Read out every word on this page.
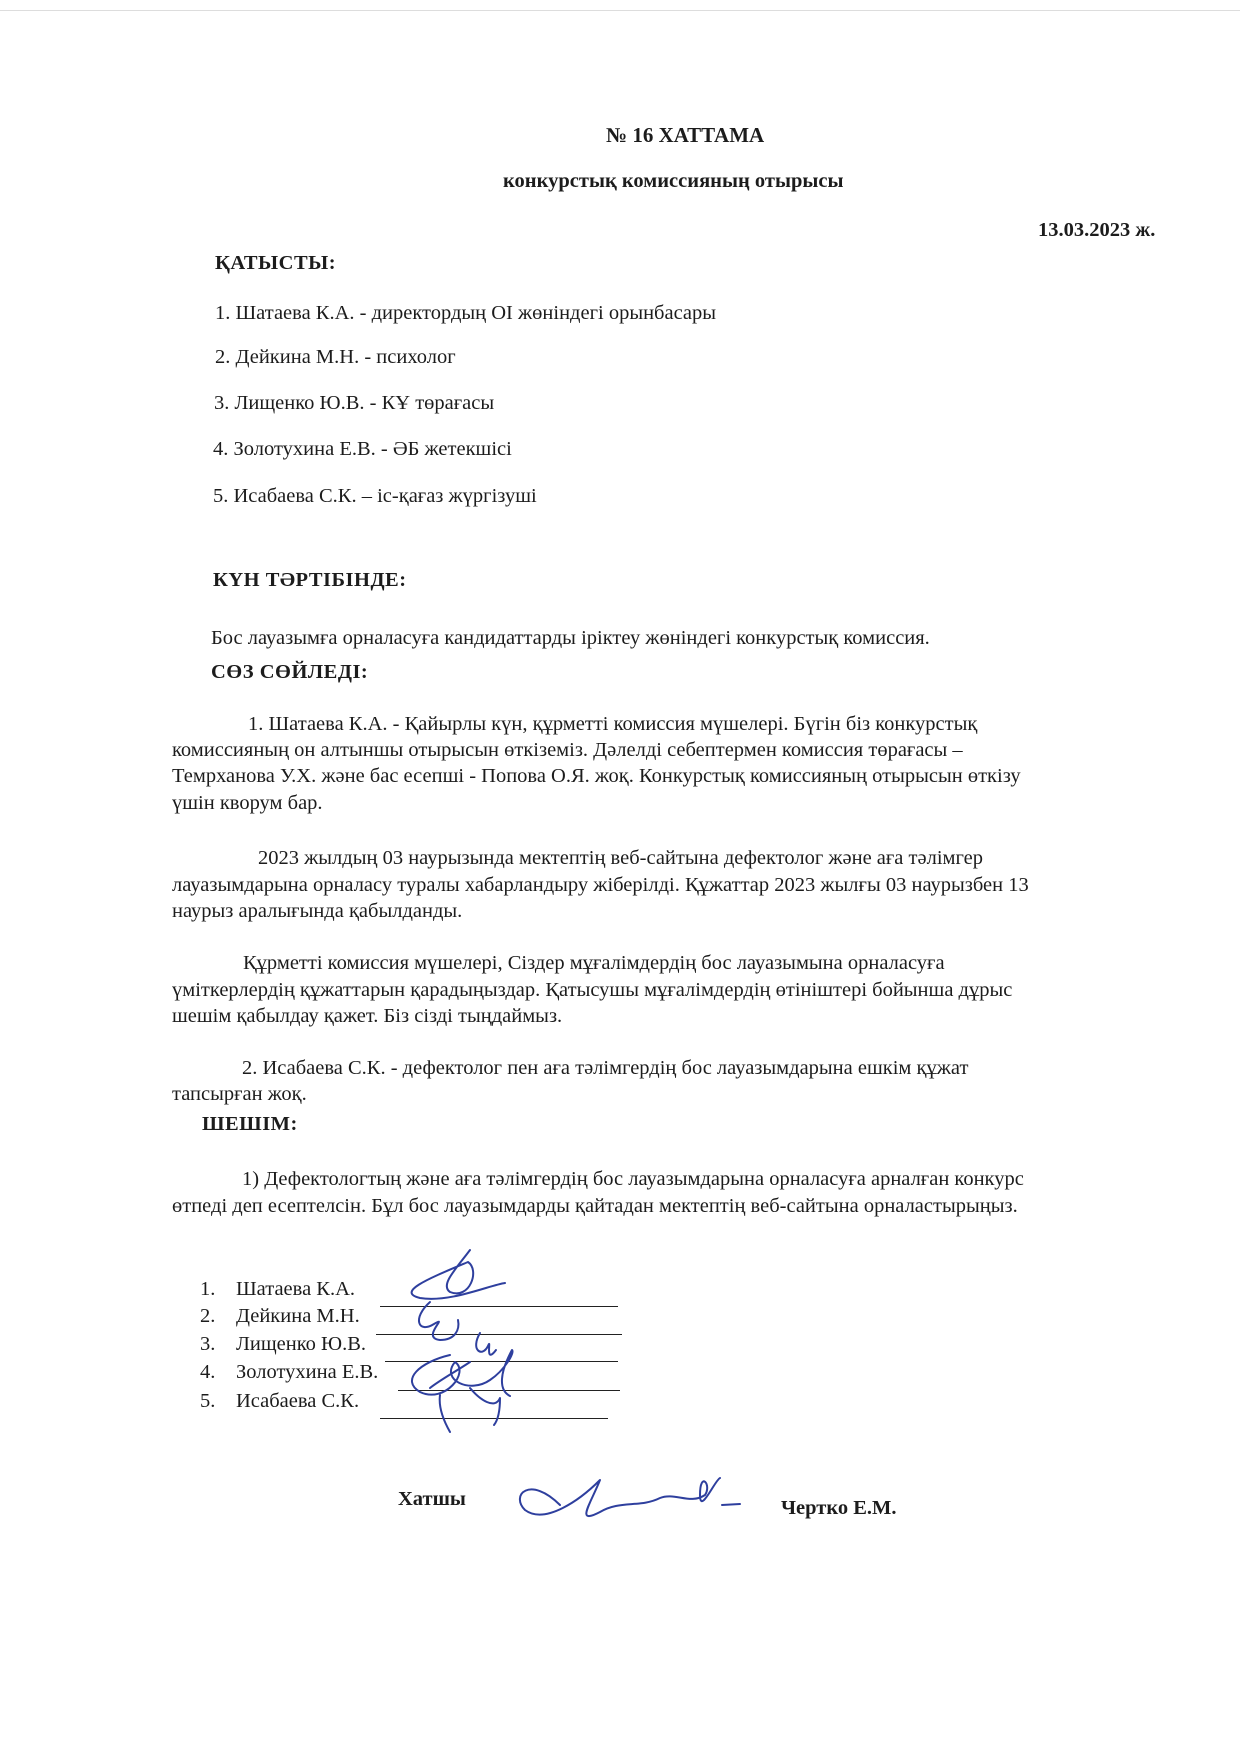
№ 16 ХАТТАМА
конкурстық комиссияның отырысы
13.03.2023 ж.
ҚАТЫСТЫ:
1. Шатаева К.А. - директордың ОІ жөніндегі орынбасары
2. Дейкина М.Н. - психолог
3. Лищенко Ю.В. - КҰ төрағасы
4. Золотухина Е.В. - ӘБ жетекшісі
5. Исабаева С.К. – іс-қағаз жүргізуші
КҮН ТӘРТІБІНДЕ:
Бос лауазымға орналасуға кандидаттарды іріктеу жөніндегі конкурстық комиссия.
СӨЗ СӨЙЛЕДІ:
1. Шатаева К.А. - Қайырлы күн, құрметті комиссия мүшелері. Бүгін біз конкурстық
комиссияның он алтыншы отырысын өткіземіз. Дәлелді себептермен комиссия төрағасы –
Темрханова У.Х. және бас есепші - Попова О.Я. жоқ. Конкурстық комиссияның отырысын өткізу
үшін кворум бар.
2023 жылдың 03 наурызында мектептің веб-сайтына дефектолог және аға тәлімгер
лауазымдарына орналасу туралы хабарландыру жіберілді. Құжаттар 2023 жылғы 03 наурызбен 13
наурыз аралығында қабылданды.
Құрметті комиссия мүшелері, Сіздер мұғалімдердің бос лауазымына орналасуға
үміткерлердің құжаттарын қарадыңыздар. Қатысушы мұғалімдердің өтініштері бойынша дұрыс
шешім қабылдау қажет. Біз сізді тыңдаймыз.
2. Исабаева С.К. - дефектолог пен аға тәлімгердің бос лауазымдарына ешкім құжат
тапсырған жоқ.
ШЕШІМ:
1) Дефектологтың және аға тәлімгердің бос лауазымдарына орналасуға арналған конкурс
өтпеді деп есептелсін. Бұл бос лауазымдарды қайтадан мектептің веб-сайтына орналастырыңыз.
1. Шатаева К.А.
2. Дейкина М.Н.
3. Лищенко Ю.В.
4. Золотухина Е.В.
5. Исабаева С.К.
Хатшы	Чертко Е.М.
